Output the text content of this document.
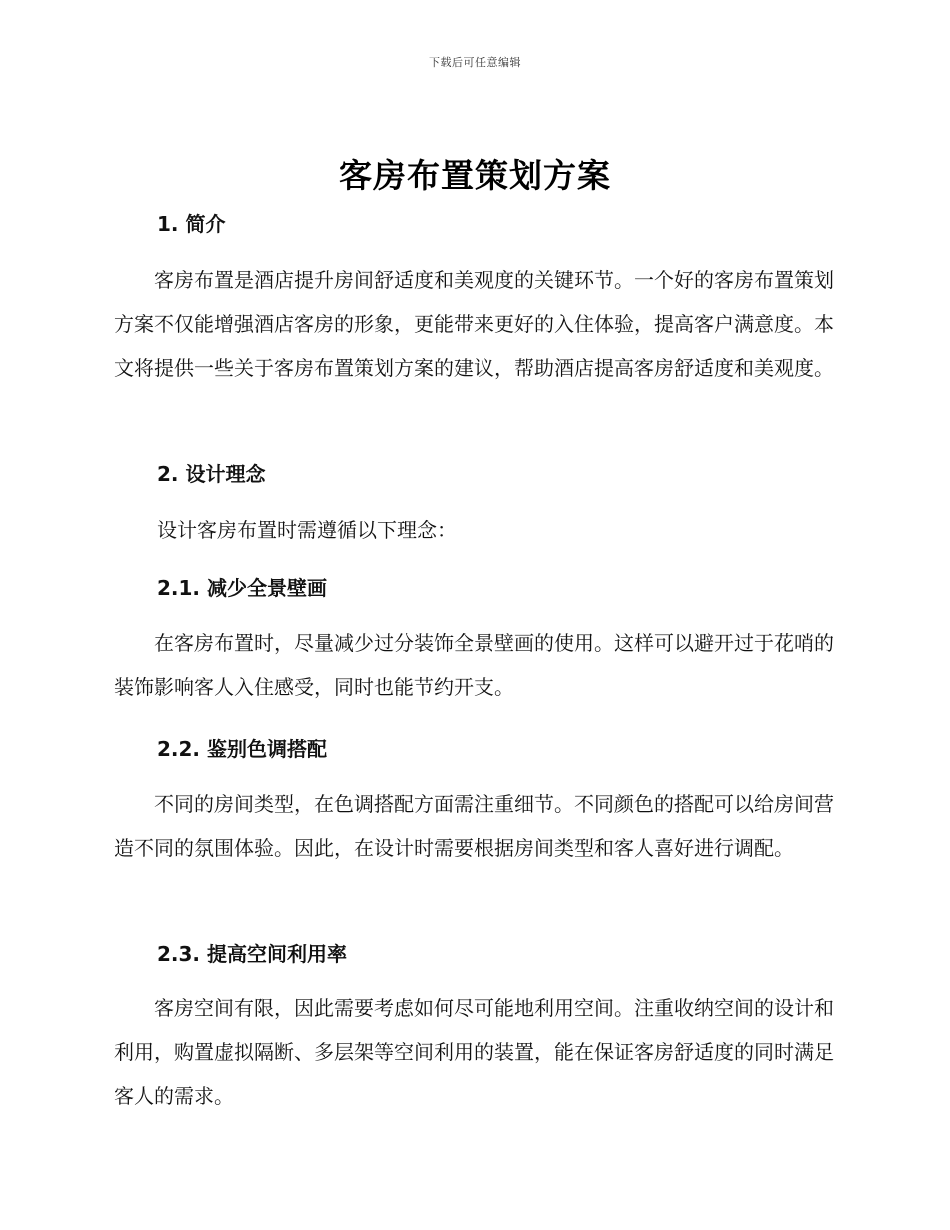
下载后可任意编辑
客房布置策划方案
1. 简介

客房布置是酒店提升房间舒适度和美观度的关键环节。一个好的客房布置策划方案不仅能增强酒店客房的形象，更能带来更好的入住体验，提高客户满意度。本文将提供一些关于客房布置策划方案的建议，帮助酒店提高客房舒适度和美观度。

2. 设计理念

设计客房布置时需遵循以下理念：

2.1. 减少全景壁画

在客房布置时，尽量减少过分装饰全景壁画的使用。这样可以避开过于花哨的装饰影响客人入住感受，同时也能节约开支。

2.2. 鉴别色调搭配

不同的房间类型，在色调搭配方面需注重细节。不同颜色的搭配可以给房间营造不同的氛围体验。因此，在设计时需要根据房间类型和客人喜好进行调配。

2.3. 提高空间利用率

客房空间有限，因此需要考虑如何尽可能地利用空间。注重收纳空间的设计和利用，购置虚拟隔断、多层架等空间利用的装置，能在保证客房舒适度的同时满足客人的需求。
